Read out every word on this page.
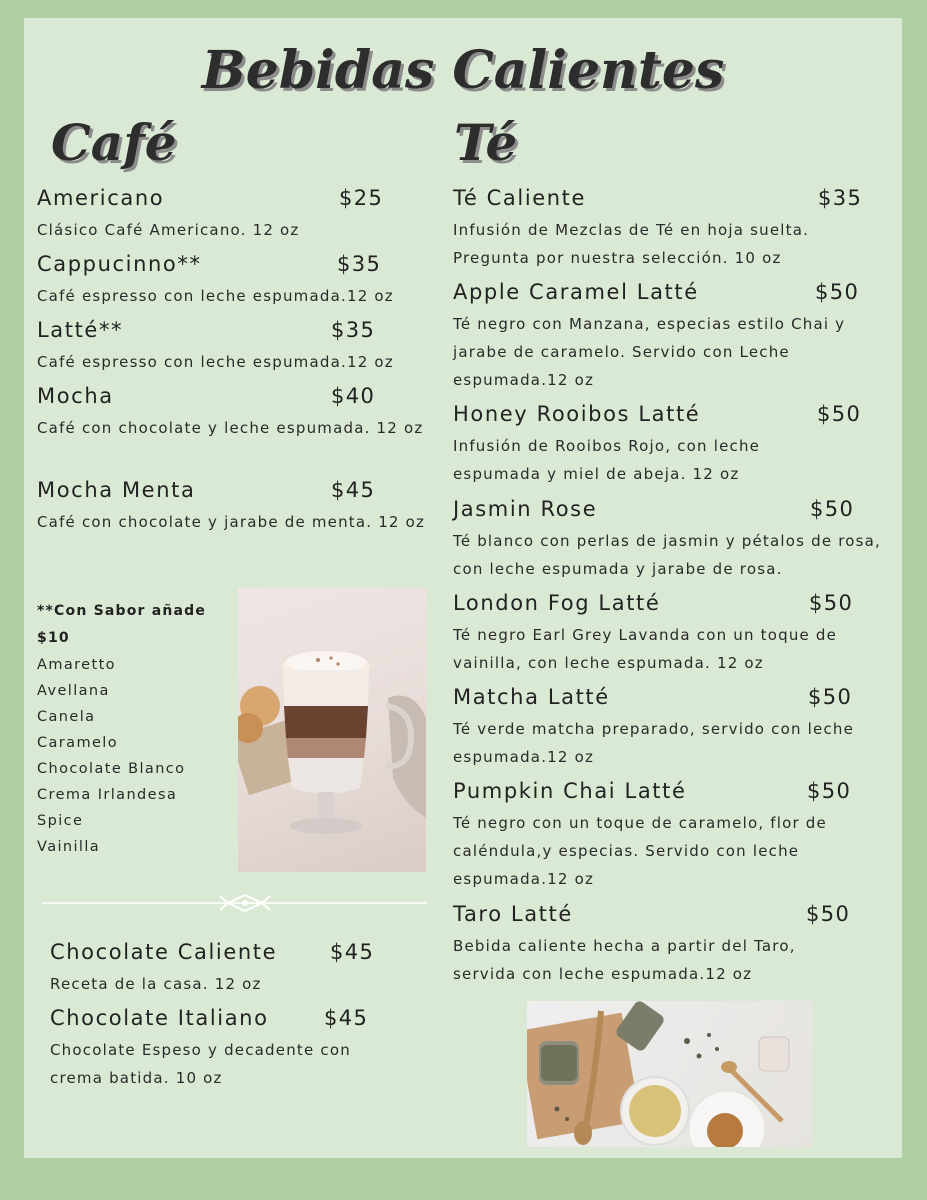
Bebidas Calientes
Café
Americano	$25
Clásico Café Americano. 12 oz
Cappucinno**	$35
Café espresso con leche espumada.12 oz
Latté**	$35
Café espresso con leche espumada.12 oz
Mocha	$40
Café con chocolate y leche espumada. 12 oz
Mocha Menta	$45
Café con chocolate y jarabe de menta. 12 oz
**Con Sabor añade $10
Amaretto
Avellana
Canela
Caramelo
Chocolate Blanco
Crema Irlandesa
Spice
Vainilla
Chocolate Caliente	$45
Receta de la casa. 12 oz
Chocolate Italiano	$45
Chocolate Espeso y decadente con crema batida. 10 oz
Té
Té Caliente	$35
Infusión de Mezclas de Té en hoja suelta. Pregunta por nuestra selección. 10 oz
Apple Caramel Latté	$50
Té negro con Manzana, especias estilo Chai y jarabe de caramelo. Servido con Leche espumada.12 oz
Honey Rooibos Latté	$50
Infusión de Rooibos Rojo, con leche espumada y miel de abeja. 12 oz
Jasmin Rose	$50
Té blanco con perlas de jasmin y pétalos de rosa, con leche espumada y jarabe de rosa.
London Fog Latté	$50
Té negro Earl Grey Lavanda con un toque de vainilla, con leche espumada. 12 oz
Matcha Latté	$50
Té verde matcha preparado, servido con leche espumada.12 oz
Pumpkin Chai Latté	$50
Té negro con un toque de caramelo, flor de caléndula,y especias. Servido con leche espumada.12 oz
Taro Latté	$50
Bebida caliente hecha a partir del Taro, servida con leche espumada.12 oz
